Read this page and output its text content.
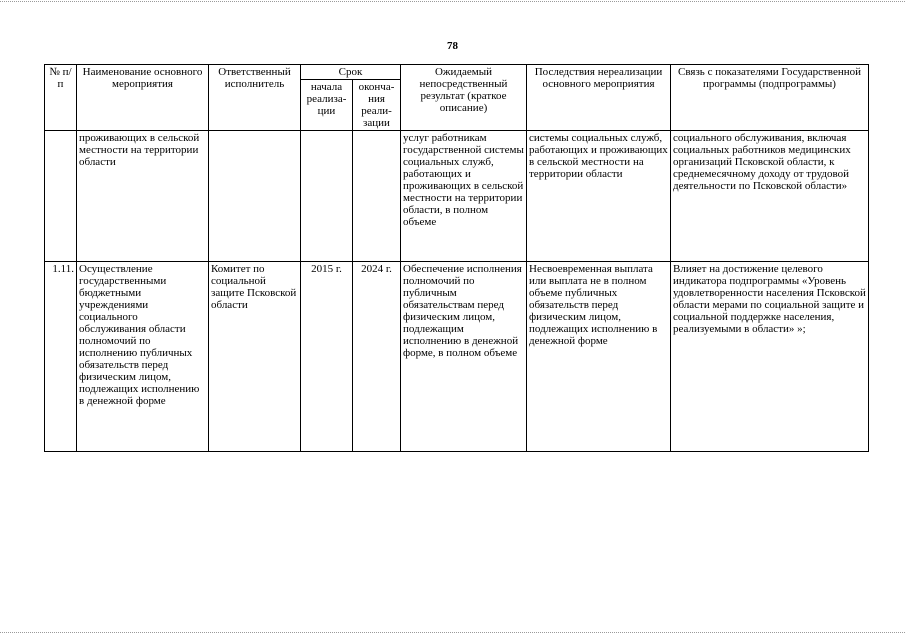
78
№ п/п	Наименование основного мероприятия	Ответственный исполнитель	Срок		Ожидаемый непосредственный результат (краткое описание)	Последствия нереализации основного мероприятия	Связь с показателями Государственной программы (подпрограммы)
			начала реализа-ции	оконча-ния реали-зации			
	проживающих в сельской местности на территории области				услуг работникам государственной системы социальных служб, работающих и проживающих в сельской местности на территории области, в полном объеме	системы социальных служб, работающих и проживающих в сельской местности на территории области	социального обслуживания, включая социальных работников медицинских организаций Псковской области, к среднемесячному доходу от трудовой деятельности по Псковской области»
1.11.	Осуществление государственными бюджетными учреждениями социального обслуживания области полномочий по исполнению публичных обязательств перед физическим лицом, подлежащих исполнению в денежной форме	Комитет по социальной защите Псковской области	2015 г.	2024 г.	Обеспечение исполнения полномочий по публичным обязательствам перед физическим лицом, подлежащим исполнению в денежной форме, в полном объеме	Несвоевременная выплата или выплата не в полном объеме публичных обязательств перед физическим лицом, подлежащих исполнению в денежной форме	Влияет на достижение целевого индикатора подпрограммы «Уровень удовлетворенности населения Псковской области мерами по социальной защите и социальной поддержке населения, реализуемыми в области» »;
